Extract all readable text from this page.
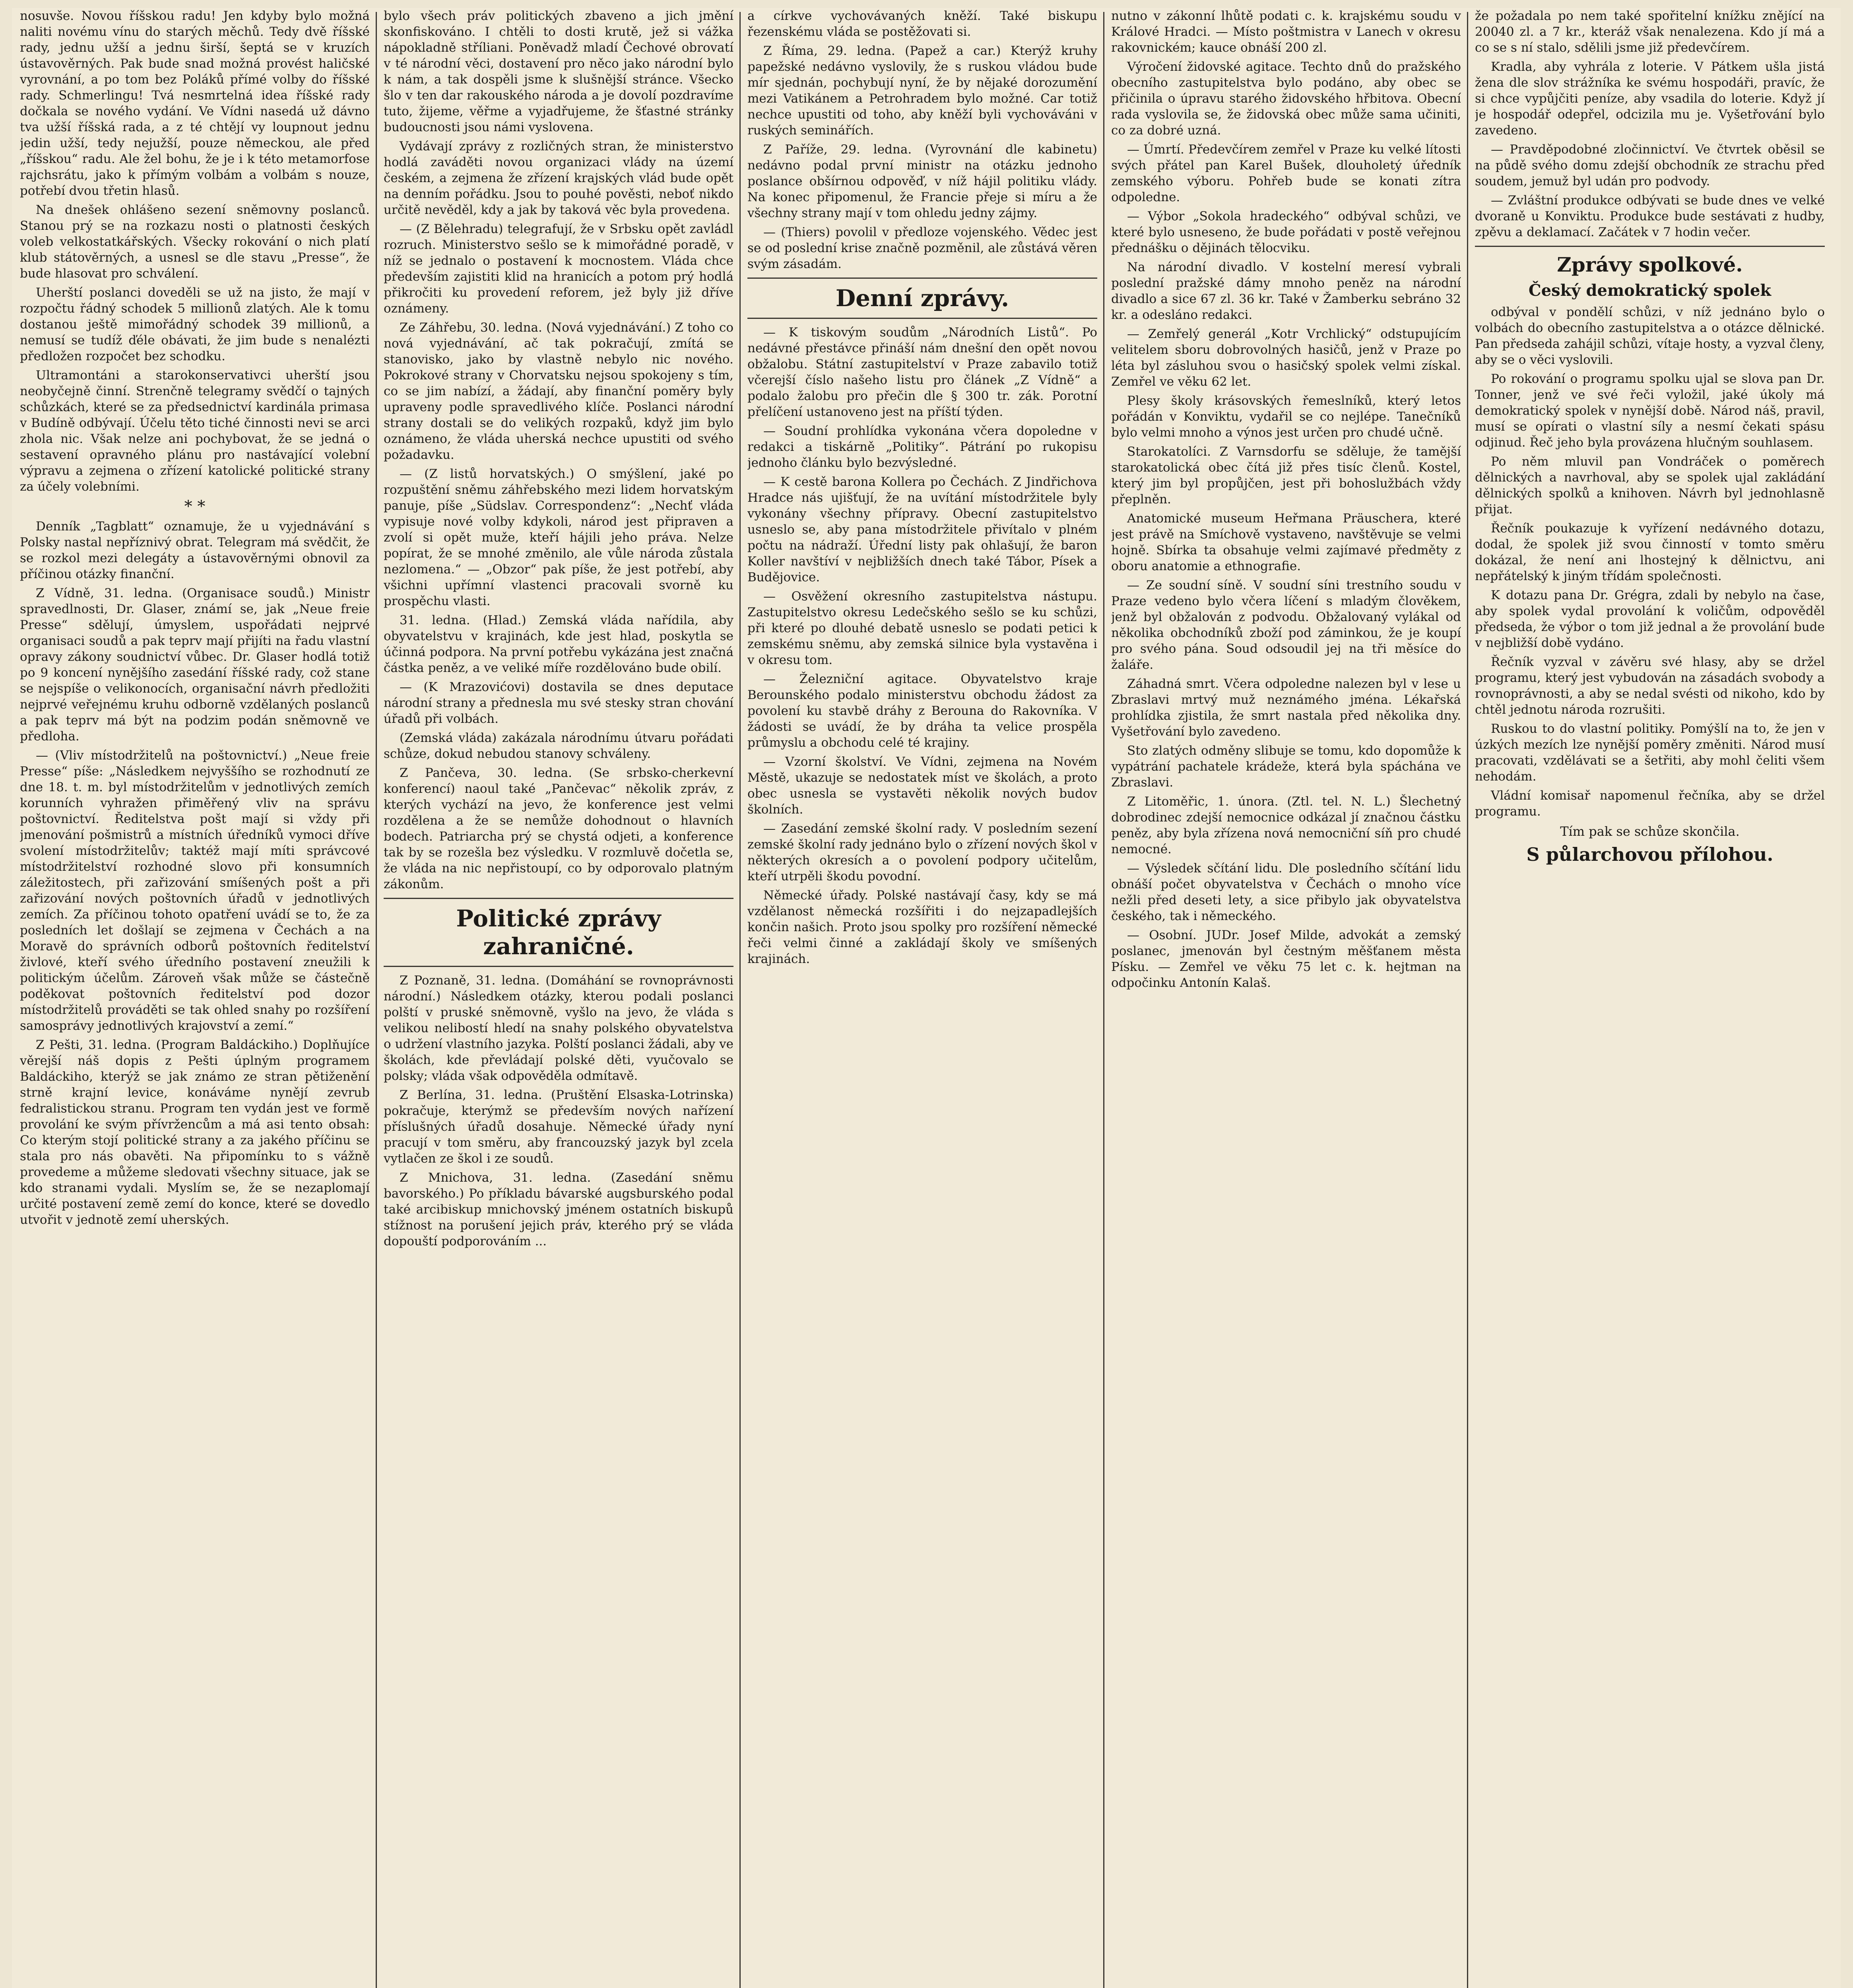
nosuvše. Novou říšskou radu! Jen kdyby bylo možná naliti novému vínu do starých měchů. Tedy dvě říšské rady, jednu užší a jednu širší, šeptá se v kruzích ústavověrných. Pak bude snad možná provést haličské vyrovnání, a po tom bez Poláků přímé volby do říšské rady. Schmerlingu! Tvá nesmrtelná idea říšské rady dočkala se nového vydání. Ve Vídni nasedá už dávno tva užší říšská rada, a z té chtějí vy loupnout jednu jedin užší, tedy nejužší, pouze německou, ale před „říšskou“ radu. Ale žel bohu, že je i k této metamorfose rajchsrátu, jako k přímým volbám a volbám s nouze, potřebí dvou třetin hlasů.

Na dnešek ohlášeno sezení sněmovny poslanců. Stanou prý se na rozkazu nosti o platnosti českých voleb velkostatkářských. Všecky rokování o nich platí klub státověrných, a usnesl se dle stavu „Presse“, že bude hlasovat pro schválení.

Uherští poslanci doveděli se už na jisto, že mají v rozpočtu řádný schodek 5 millionů zlatých. Ale k tomu dostanou ještě mimořádný schodek 39 millionů, a nemusí se tudíž ďéle obávati, že jim bude s nenalézti předložen rozpočet bez schodku.

Ultramontáni a starokonservativci uherští jsou neobyčejně činní. Strenčně telegramy svědčí o tajných schůzkách, které se za předsednictví kardinála primasa v Budíně odbývají. Účelu těto tiché činnosti nevi se arci zhola nic. Však nelze ani pochybovat, že se jedná o sestavení opravného plánu pro nastávající volební výpravu a zejmena o zřízení katolické politické strany za účely volebními.

* *

Denník „Tagblatt“ oznamuje, že u vyjednávání s Polsky nastal nepříznivý obrat. Telegram má svědčit, že se rozkol mezi delegáty a ústavověrnými obnovil za příčinou otázky finanční.

Z Vídně, 31. ledna. (Organisace soudů.) Ministr spravedlnosti, Dr. Glaser, známí se, jak „Neue freie Presse“ sdělují, úmyslem, uspořádati nejprvé organisaci soudů a pak teprv mají přijíti na řadu vlastní opravy zákony soudnictví vůbec. Dr. Glaser hodlá totiž po 9 koncení nynějšího zasedání říšské rady, což stane se nejspíše o velikonocích, organisační návrh předložiti nejprvé veřejnému kruhu odborně vzdělaných poslanců a pak teprv má být na podzim podán sněmovně ve předloha.

— (Vliv místodržitelů na poštovnictví.) „Neue freie Presse“ píše: „Následkem nejvyššího se rozhodnutí ze dne 18. t. m. byl místodržitelům v jednotlivých zemích korunních vyhražen přiměřený vliv na správu poštovnictví. Ředitelstva pošt mají si vždy při jmenování pošmistrů a místních úředníků vymoci dříve svolení místodržitelův; taktéž mají míti správcové místodržitelství rozhodné slovo při konsumních záležitostech, při zařizování smíšených pošt a při zařizování nových poštovních úřadů v jednotlivých zemích. Za příčinou tohoto opatření uvádí se to, že za posledních let došlají se zejmena v Čechách a na Moravě do správních odborů poštovních ředitelství živlové, kteří svého úředního postavení zneužili k politickým účelům. Zároveň však může se částečně poděkovat poštovních ředitelství pod dozor místodržitelů prováděti se tak ohled snahy po rozšíření samosprávy jednotlivých krajovství a zemí.“

Z Pešti, 31. ledna. (Program Baldáckiho.) Doplňujíce věrejší náš dopis z Pešti úplným programem Baldáckiho, kterýž se jak známo ze stran pětiženění strně krajní levice, konáváme nynějí zevrub fedralistickou stranu. Program ten vydán jest ve formě provolání ke svým přívržencům a má asi tento obsah: Co kterým stojí politické strany a za jakého příčinu se stala pro nás obavěti. Na připomínku to s vážně provedeme a můžeme sledovati všechny situace, jak se kdo stranami vydali. Myslím se, že se nezaplomají určité postavení země zemí do konce, které se dovedlo utvořit v jednotě zemí uherských.

bylo všech práv politických zbaveno a jich jmění skonfiskováno. I chtěli to dosti krutě, jež si vážka nápokladně stříliani. Poněvadž mladí Čechové obrovatí v té národní věci, dostavení pro něco jako národní bylo k nám, a tak dospěli jsme k slušnější stránce. Všecko šlo v ten dar rakouského národa a je dovolí pozdravíme tuto, žijeme, věřme a vyjadřujeme, že šťastné stránky budoucnosti jsou námi vyslovena.

Vydávají zprávy z rozličných stran, že ministerstvo hodlá zaváděti novou organizaci vlády na území českém, a zejmena že zřízení krajských vlád bude opět na denním pořádku. Jsou to pouhé pověsti, neboť nikdo určitě nevěděl, kdy a jak by taková věc byla provedena.

— (Z Bělehradu) telegrafují, že v Srbsku opět zavládl rozruch. Ministerstvo sešlo se k mimořádné poradě, v níž se jednalo o postavení k mocnostem. Vláda chce především zajistiti klid na hranicích a potom prý hodlá přikročiti ku provedení reforem, jež byly již dříve oznámeny.

Ze Záhřebu, 30. ledna. (Nová vyjednávání.) Z toho co nová vyjednávání, ač tak pokračují, zmítá se stanovisko, jako by vlastně nebylo nic nového. Pokrokové strany v Chorvatsku nejsou spokojeny s tím, co se jim nabízí, a žádají, aby finanční poměry byly upraveny podle spravedlivého klíče. Poslanci národní strany dostali se do velikých rozpaků, když jim bylo oznámeno, že vláda uherská nechce upustiti od svého požadavku.

— (Z listů horvatských.) O smýšlení, jaké po rozpuštění sněmu záhřebského mezi lidem horvatským panuje, píše „Südslav. Correspondenz“: „Nechť vláda vypisuje nové volby kdykoli, národ jest připraven a zvolí si opět muže, kteří hájili jeho práva. Nelze popírat, že se mnohé změnilo, ale vůle národa zůstala nezlomena.“ — „Obzor“ pak píše, že jest potřebí, aby všichni upřímní vlastenci pracovali svorně ku prospěchu vlasti.

31. ledna. (Hlad.) Zemská vláda nařídila, aby obyvatelstvu v krajinách, kde jest hlad, poskytla se účinná podpora. Na první potřebu vykázána jest značná částka peněz, a ve veliké míře rozdělováno bude obilí.

— (K Mrazovićovi) dostavila se dnes deputace národní strany a přednesla mu své stesky stran chování úřadů při volbách.

(Zemská vláda) zakázala národnímu útvaru pořádati schůze, dokud nebudou stanovy schváleny.

Z Pančeva, 30. ledna. (Se srbsko-cherkevní konferencí) naoul také „Pančevac“ několik zpráv, z kterých vychází na jevo, že konference jest velmi rozdělena a že se nemůže dohodnout o hlavních bodech. Patriarcha prý se chystá odjeti, a konference tak by se rozešla bez výsledku. V rozmluvě dočetla se, že vláda na nic nepřistoupí, co by odporovalo platným zákonům.

Politické zprávy zahraničné.

Z Poznaně, 31. ledna. (Domáhání se rovnoprávnosti národní.) Následkem otázky, kterou podali poslanci polští v pruské sněmovně, vyšlo na jevo, že vláda s velikou nelibostí hledí na snahy polského obyvatelstva o udržení vlastního jazyka. Polští poslanci žádali, aby ve školách, kde převládají polské děti, vyučovalo se polsky; vláda však odpověděla odmítavě.

Z Berlína, 31. ledna. (Pruštění Elsaska-Lotrinska) pokračuje, kterýmž se především nových nařízení příslušných úřadů dosahuje. Německé úřady nyní pracují v tom směru, aby francouzský jazyk byl zcela vytlačen ze škol i ze soudů.

Z Mnichova, 31. ledna. (Zasedání sněmu bavorského.) Po příkladu bávarské augsburského podal také arcibiskup mnichovský jménem ostatních biskupů stížnost na porušení jejich práv, kterého prý se vláda dopouští podporováním ...

a církve vychovávaných kněží. Také biskupu řezenskému vláda se postěžovati si.

Z Říma, 29. ledna. (Papež a car.) Kterýž kruhy papežské nedávno vyslovily, že s ruskou vládou bude mír sjednán, pochybují nyní, že by nějaké dorozumění mezi Vatikánem a Petrohradem bylo možné. Car totiž nechce upustiti od toho, aby kněží byli vychováváni v ruských seminářích.

Z Paříže, 29. ledna. (Vyrovnání dle kabinetu) nedávno podal první ministr na otázku jednoho poslance obšírnou odpověď, v níž hájil politiku vlády. Na konec připomenul, že Francie přeje si míru a že všechny strany mají v tom ohledu jedny zájmy.

— (Thiers) povolil v předloze vojenského. Vědec jest se od poslední krise značně pozměnil, ale zůstává věren svým zásadám.

Denní zprávy.

— K tiskovým soudům „Národních Listů“. Po nedávné přestávce přináší nám dnešní den opět novou obžalobu. Státní zastupitelství v Praze zabavilo totiž včerejší číslo našeho listu pro článek „Z Vídně“ a podalo žalobu pro přečin dle § 300 tr. zák. Porotní přelíčení ustanoveno jest na příští týden.

— Soudní prohlídka vykonána včera dopoledne v redakci a tiskárně „Politiky“. Pátrání po rukopisu jednoho článku bylo bezvýsledné.

— K cestě barona Kollera po Čechách. Z Jindřichova Hradce nás ujišťují, že na uvítání místodržitele byly vykonány všechny přípravy. Obecní zastupitelstvo usneslo se, aby pana místodržitele přivítalo v plném počtu na nádraží. Úřední listy pak ohlašují, že baron Koller navštíví v nejbližších dnech také Tábor, Písek a Budějovice.

— Osvěžení okresního zastupitelstva nástupu. Zastupitelstvo okresu Ledečského sešlo se ku schůzi, při které po dlouhé debatě usneslo se podati petici k zemskému sněmu, aby zemská silnice byla vystavěna i v okresu tom.

— Železniční agitace. Obyvatelstvo kraje Berounského podalo ministerstvu obchodu žádost za povolení ku stavbě dráhy z Berouna do Rakovníka. V žádosti se uvádí, že by dráha ta velice prospěla průmyslu a obchodu celé té krajiny.

— Vzorní školství. Ve Vídni, zejmena na Novém Městě, ukazuje se nedostatek míst ve školách, a proto obec usnesla se vystavěti několik nových budov školních.

— Zasedání zemské školní rady. V posledním sezení zemské školní rady jednáno bylo o zřízení nových škol v některých okresích a o povolení podpory učitelům, kteří utrpěli škodu povodní.

Německé úřady. Polské nastávají časy, kdy se má vzdělanost německá rozšířiti i do nejzapadlejších končin našich. Proto jsou spolky pro rozšíření německé řeči velmi činné a zakládají školy ve smíšených krajinách.

nutno v zákonní lhůtě podati c. k. krajskému soudu v Králové Hradci. — Místo poštmistra v Lanech v okresu rakovnickém; kauce obnáší 200 zl.

Výročení židovské agitace. Techto dnů do pražského obecního zastupitelstva bylo podáno, aby obec se přičinila o úpravu starého židovského hřbitova. Obecní rada vyslovila se, že židovská obec může sama učiniti, co za dobré uzná.

— Úmrtí. Předevčírem zemřel v Praze ku velké lítosti svých přátel pan Karel Bušek, dlouholetý úředník zemského výboru. Pohřeb bude se konati zítra odpoledne.

— Výbor „Sokola hradeckého“ odbýval schůzi, ve které bylo usneseno, že bude pořádati v postě veřejnou přednášku o dějinách tělocviku.

Na národní divadlo. V kostelní meresí vybrali poslední pražské dámy mnoho peněz na národní divadlo a sice 67 zl. 36 kr. Také v Žamberku sebráno 32 kr. a odesláno redakci.

— Zemřelý generál „Kotr Vrchlický“ odstupujícím velitelem sboru dobrovolných hasičů, jenž v Praze po léta byl zásluhou svou o hasičský spolek velmi získal. Zemřel ve věku 62 let.

Plesy školy krásovských řemeslníků, který letos pořádán v Konviktu, vydařil se co nejlépe. Tanečníků bylo velmi mnoho a výnos jest určen pro chudé učně.

Starokatolíci. Z Varnsdorfu se sděluje, že tamější starokatolická obec čítá již přes tisíc členů. Kostel, který jim byl propůjčen, jest při bohoslužbách vždy přeplněn.

Anatomické museum Heřmana Präuschera, které jest právě na Smíchově vystaveno, navštěvuje se velmi hojně. Sbírka ta obsahuje velmi zajímavé předměty z oboru anatomie a ethnografie.

— Ze soudní síně. V soudní síni trestního soudu v Praze vedeno bylo včera líčení s mladým člověkem, jenž byl obžalován z podvodu. Obžalovaný vylákal od několika obchodníků zboží pod záminkou, že je koupí pro svého pána. Soud odsoudil jej na tři měsíce do žaláře.

Záhadná smrt. Včera odpoledne nalezen byl v lese u Zbraslavi mrtvý muž neznámého jména. Lékařská prohlídka zjistila, že smrt nastala před několika dny. Vyšetřování bylo zavedeno.

Sto zlatých odměny slibuje se tomu, kdo dopomůže k vypátrání pachatele krádeže, která byla spáchána ve Zbraslavi.

Z Litoměřic, 1. února. (Ztl. tel. N. L.) Šlechetný dobrodinec zdejší nemocnice odkázal jí značnou částku peněz, aby byla zřízena nová nemocniční síň pro chudé nemocné.

— Výsledek sčítání lidu. Dle posledního sčítání lidu obnáší počet obyvatelstva v Čechách o mnoho více nežli před deseti lety, a sice přibylo jak obyvatelstva českého, tak i německého.

— Osobní. JUDr. Josef Milde, advokát a zemský poslanec, jmenován byl čestným měšťanem města Písku. — Zemřel ve věku 75 let c. k. hejtman na odpočinku Antonín Kalaš.

že požadala po nem také spořitelní knížku znějící na 20040 zl. a 7 kr., kteráž však nenalezena. Kdo jí má a co se s ní stalo, sdělili jsme již předevčírem.

Kradla, aby vyhrála z loterie. V Pátkem ušla jistá žena dle slov strážníka ke svému hospodáři, pravíc, že si chce vypůjčiti peníze, aby vsadila do loterie. Když jí je hospodář odepřel, odcizila mu je. Vyšetřování bylo zavedeno.

— Pravděpodobné zločinnictví. Ve čtvrtek oběsil se na půdě svého domu zdejší obchodník ze strachu před soudem, jemuž byl udán pro podvody.

— Zvláštní produkce odbývati se bude dnes ve velké dvoraně u Konviktu. Produkce bude sestávati z hudby, zpěvu a deklamací. Začátek v 7 hodin večer.

Zprávy spolkové.

Český demokratický spolek

odbýval v pondělí schůzi, v níž jednáno bylo o volbách do obecního zastupitelstva a o otázce dělnické. Pan předseda zahájil schůzi, vítaje hosty, a vyzval členy, aby se o věci vyslovili.

Po rokování o programu spolku ujal se slova pan Dr. Tonner, jenž ve své řeči vyložil, jaké úkoly má demokratický spolek v nynější době. Národ náš, pravil, musí se opírati o vlastní síly a nesmí čekati spásu odjinud. Řeč jeho byla provázena hlučným souhlasem.

Po něm mluvil pan Vondráček o poměrech dělnických a navrhoval, aby se spolek ujal zakládání dělnických spolků a knihoven. Návrh byl jednohlasně přijat.

Řečník poukazuje k vyřízení nedávného dotazu, dodal, že spolek již svou činností v tomto směru dokázal, že není ani lhostejný k dělnictvu, ani nepřátelský k jiným třídám společnosti.

K dotazu pana Dr. Grégra, zdali by nebylo na čase, aby spolek vydal provolání k voličům, odpověděl předseda, že výbor o tom již jednal a že provolání bude v nejbližší době vydáno.

Řečník vyzval v závěru své hlasy, aby se držel programu, který jest vybudován na zásadách svobody a rovnoprávnosti, a aby se nedal svésti od nikoho, kdo by chtěl jednotu národa rozrušiti.

Ruskou to do vlastní politiky. Pomýšlí na to, že jen v úzkých mezích lze nynější poměry změniti. Národ musí pracovati, vzdělávati se a šetřiti, aby mohl čeliti všem nehodám.

Vládní komisař napomenul řečníka, aby se držel programu.

Tím pak se schůze skončila.

S půlarchovou přílohou.
